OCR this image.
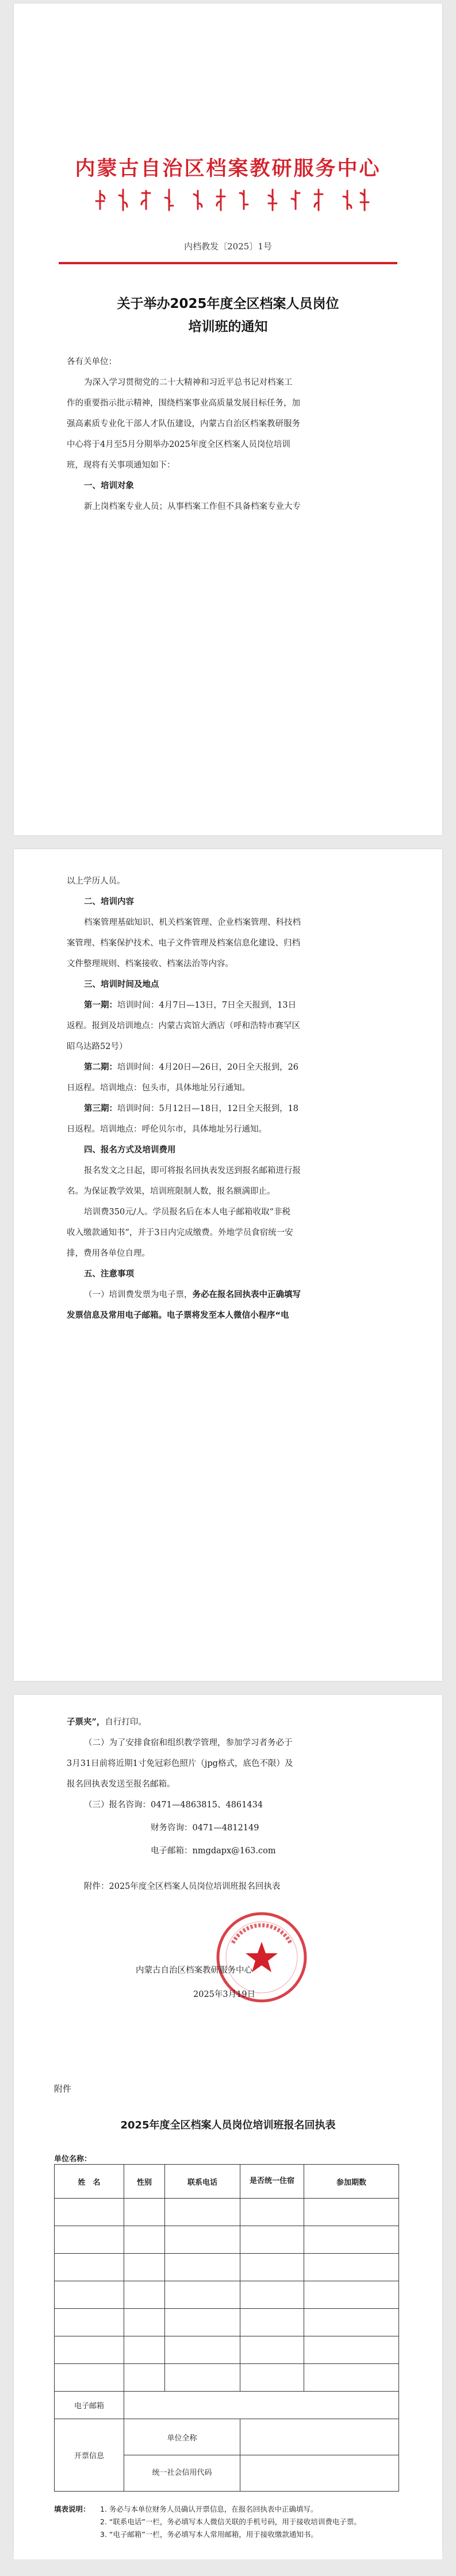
内蒙古自治区档案教研服务中心
内档教发〔2025〕1号
关于举办2025年度全区档案人员岗位
培训班的通知
各有关单位：
为深入学习贯彻党的二十大精神和习近平总书记对档案工
作的重要指示批示精神，围绕档案事业高质量发展目标任务，加
强高素质专业化干部人才队伍建设，内蒙古自治区档案教研服务
中心将于4月至5月分期举办2025年度全区档案人员岗位培训
班，现将有关事项通知如下：
一、培训对象
新上岗档案专业人员；从事档案工作但不具备档案专业大专
以上学历人员。
二、培训内容
档案管理基础知识、机关档案管理、企业档案管理、科技档
案管理、档案保护技术、电子文件管理及档案信息化建设、归档
文件整理规则、档案接收、档案法治等内容。
三、培训时间及地点
第一期：培训时间：4月7日—13日，7日全天报到，13日
返程。报到及培训地点：内蒙古宾馆大酒店（呼和浩特市赛罕区
昭乌达路52号）
第二期：培训时间：4月20日—26日，20日全天报到，26
日返程。培训地点：包头市，具体地址另行通知。
第三期：培训时间：5月12日—18日，12日全天报到，18
日返程。培训地点：呼伦贝尔市，具体地址另行通知。
四、报名方式及培训费用
报名发文之日起，即可将报名回执表发送到报名邮箱进行报
名。为保证教学效果，培训班限制人数，报名额满即止。
培训费350元/人。学员报名后在本人电子邮箱收取“非税
收入缴款通知书”，并于3日内完成缴费。外地学员食宿统一安
排，费用各单位自理。
五、注意事项
（一）培训费发票为电子票，务必在报名回执表中正确填写
发票信息及常用电子邮箱。电子票将发至本人微信小程序“电
子票夹”，自行打印。
（二）为了安排食宿和组织教学管理，参加学习者务必于
3月31日前将近期1寸免冠彩色照片（jpg格式，底色不限）及
报名回执表发送至报名邮箱。
（三）报名咨询：0471—4863815、4861434
财务咨询：0471—4812149
电子邮箱：nmgdapx@163.com
附件：2025年度全区档案人员岗位培训班报名回执表
内蒙古自治区档案教研服务中心
2025年3月19日
附件
2025年度全区档案人员岗位培训班报名回执表
单位名称：
姓　名	性别	联系电话	是否统一住宿	参加期数

电子邮箱				
开票信息	单位全称			
	统一社会信用代码			
填表说明：	1. 务必与本单位财务人员确认开票信息，在报名回执表中正确填写。
2. “联系电话”一栏，务必填写本人微信关联的手机号码，用于接收培训费电子票。
3. “电子邮箱”一栏，务必填写本人常用邮箱，用于接收缴款通知书。
